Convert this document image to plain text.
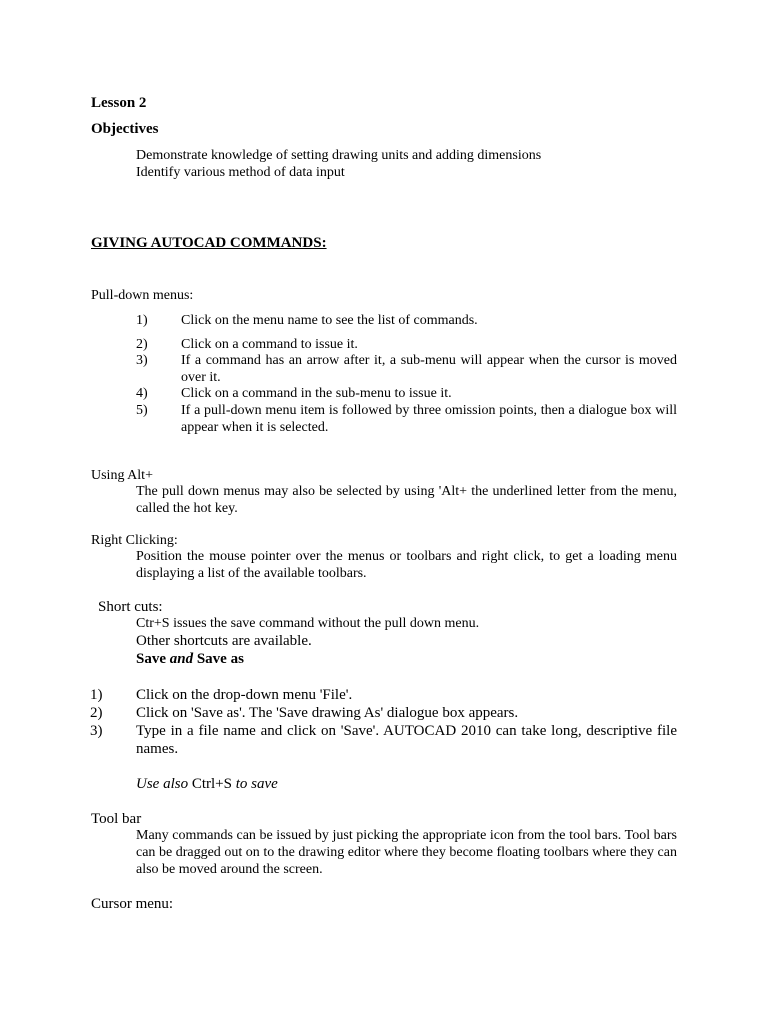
Lesson 2
Objectives
Demonstrate knowledge of setting drawing units and adding dimensions
Identify various method of data input
GIVING AUTOCAD COMMANDS:
Pull-down menus:
1) Click on the menu name to see the list of commands.
2) Click on a command to issue it.
3) If a command has an arrow after it, a sub-menu will appear when the cursor is moved over it.
4) Click on a command in the sub-menu to issue it.
5) If a pull-down menu item is followed by three omission points, then a dialogue box will appear when it is selected.
Using Alt+
The pull down menus may also be selected by using 'Alt+ the underlined letter from the menu, called the hot key.
Right Clicking:
Position the mouse pointer over the menus or toolbars and right click, to get a loading menu displaying a list of the available toolbars.
Short cuts:
Ctr+S issues the save command without the pull down menu.
Other shortcuts are available.
Save and Save as
1) Click on the drop-down menu 'File'.
2) Click on 'Save as'. The 'Save drawing As' dialogue box appears.
3) Type in a file name and click on 'Save'. AUTOCAD 2010 can take long, descriptive file names.
Use also Ctrl+S to save
Tool bar
Many commands can be issued by just picking the appropriate icon from the tool bars. Tool bars can be dragged out on to the drawing editor where they become floating toolbars where they can also be moved around the screen.
Cursor menu:
